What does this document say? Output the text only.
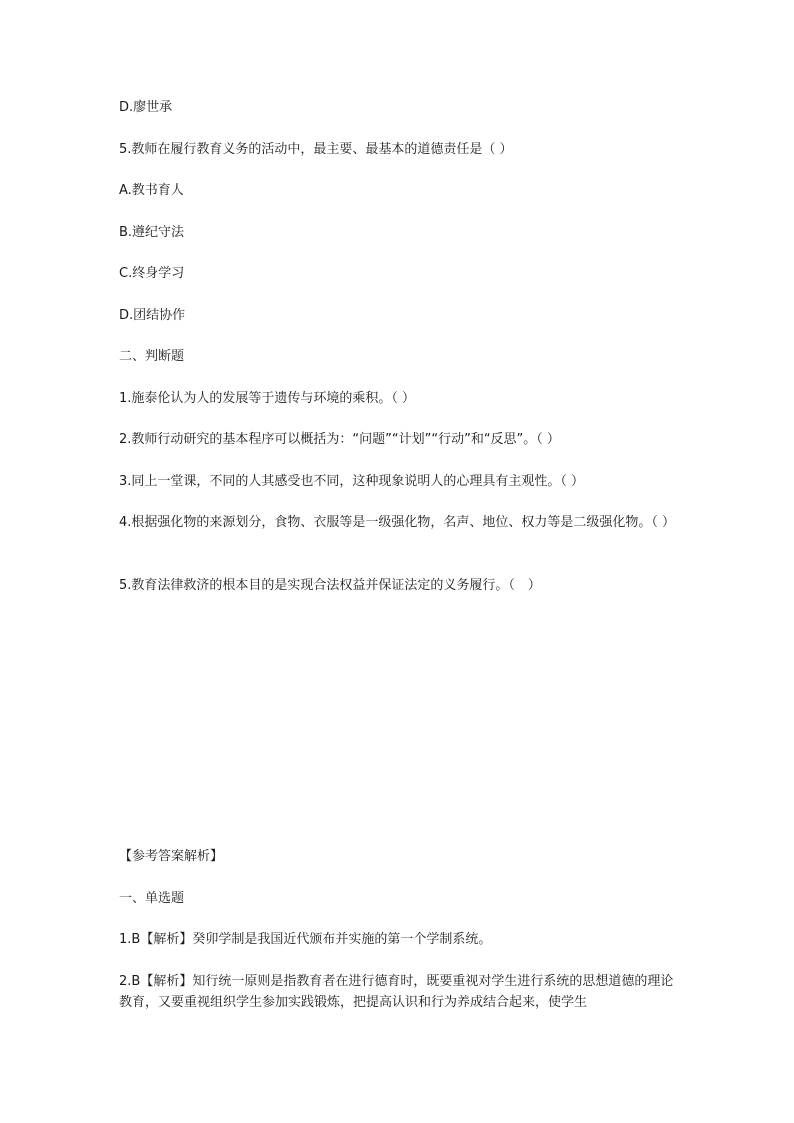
D.廖世承

5.教师在履行教育义务的活动中，最主要、最基本的道德责任是（ ）

A.教书育人

B.遵纪守法

C.终身学习

D.团结协作

二、判断题

1.施泰伦认为人的发展等于遗传与环境的乘积。（ ）

2.教师行动研究的基本程序可以概括为：“问题”“计划”“行动”和“反思”。（ ）

3.同上一堂课，不同的人其感受也不同，这种现象说明人的心理具有主观性。（ ）

4.根据强化物的来源划分，食物、衣服等是一级强化物，名声、地位、权力等是二级强化物。（ ）

5.教育法律救济的根本目的是实现合法权益并保证法定的义务履行。（　）

【参考答案解析】

一、单选题

1.B【解析】癸卯学制是我国近代颁布并实施的第一个学制系统。

2.B【解析】知行统一原则是指教育者在进行德育时，既要重视对学生进行系统的思想道德的理论教育，又要重视组织学生参加实践锻炼，把提高认识和行为养成结合起来，使学生
